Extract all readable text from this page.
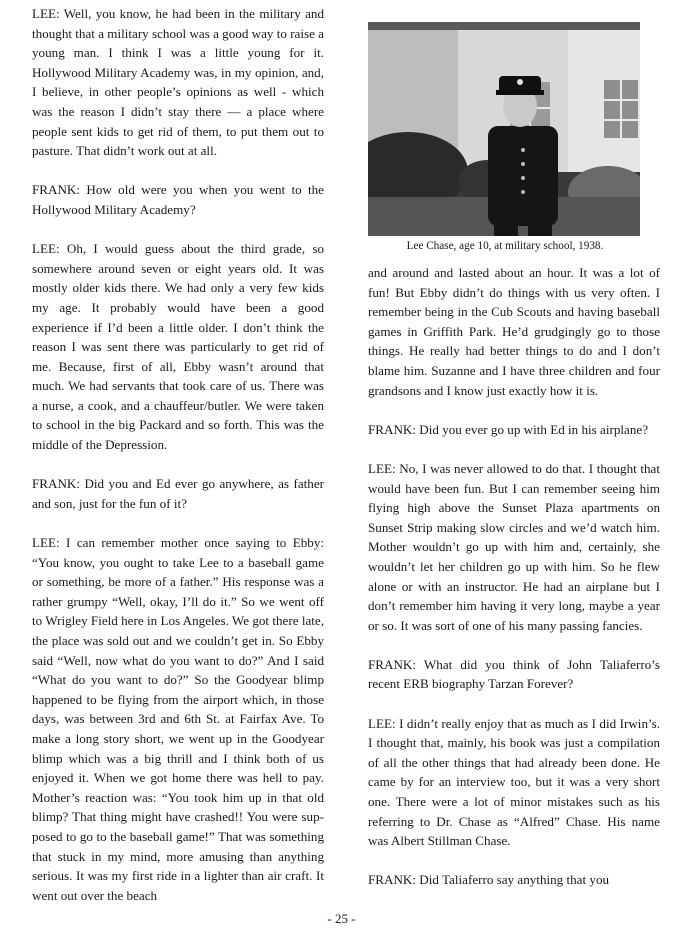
LEE: Well, you know, he had been in the military and thought that a military school was a good way to raise a young man. I think I was a little young for it. Hollywood Military Academy was, in my opinion, and, I believe, in other people’s opinions as well - which was the reason I didn’t stay there — a place where people sent kids to get rid of them, to put them out to pasture. That didn’t work out at all.

FRANK: How old were you when you went to the Hollywood Military Academy?

LEE: Oh, I would guess about the third grade, so somewhere around seven or eight years old. It was mostly older kids there. We had only a very few kids my age. It probably would have been a good experience if I’d been a little older. I don’t think the reason I was sent there was particularly to get rid of me. Because, first of all, Ebby wasn’t around that much. We had servants that took care of us. There was a nurse, a cook, and a chauffeur/butler. We were taken to school in the big Packard and so forth. This was the middle of the Depression.

FRANK: Did you and Ed ever go anywhere, as father and son, just for the fun of it?

LEE: I can remember mother once saying to Ebby: “You know, you ought to take Lee to a baseball game or something, be more of a father.” His response was a rather grumpy “Well, okay, I’ll do it.” So we went off to Wrigley Field here in Los Angeles. We got there late, the place was sold out and we couldn’t get in. So Ebby said “Well, now what do you want to do?” And I said “What do you want to do?” So the Goodyear blimp happened to be flying from the airport which, in those days, was between 3rd and 6th St. at Fairfax Ave. To make a long story short, we went up in the Goodyear blimp which was a big thrill and I think both of us enjoyed it. When we got home there was hell to pay. Mother’s reaction was: “You took him up in that old blimp? That thing might have crashed!! You were supposed to go to the baseball game!” That was something that stuck in my mind, more amusing than anything serious. It was my first ride in a lighter than air craft. It went out over the beach

Lee Chase, age 10, at military school, 1938.

and around and lasted about an hour. It was a lot of fun! But Ebby didn’t do things with us very often. I remember being in the Cub Scouts and having baseball games in Griffith Park. He’d grudgingly go to those things. He really had better things to do and I don’t blame him. Suzanne and I have three children and four grandsons and I know just exactly how it is.

FRANK: Did you ever go up with Ed in his airplane?

LEE: No, I was never allowed to do that. I thought that would have been fun. But I can remember seeing him flying high above the Sunset Plaza apartments on Sunset Strip making slow circles and we’d watch him. Mother wouldn’t go up with him and, certainly, she wouldn’t let her children go up with him. So he flew alone or with an instructor. He had an airplane but I don’t remember him having it very long, maybe a year or so. It was sort of one of his many passing fancies.

FRANK: What did you think of John Taliaferro’s recent ERB biography Tarzan Forever?

LEE: I didn’t really enjoy that as much as I did Irwin’s. I thought that, mainly, his book was just a compilation of all the other things that had already been done. He came by for an interview too, but it was a very short one. There were a lot of minor mistakes such as his referring to Dr. Chase as “Alfred” Chase. His name was Albert Stillman Chase.

FRANK: Did Taliaferro say anything that you

- 25 -
